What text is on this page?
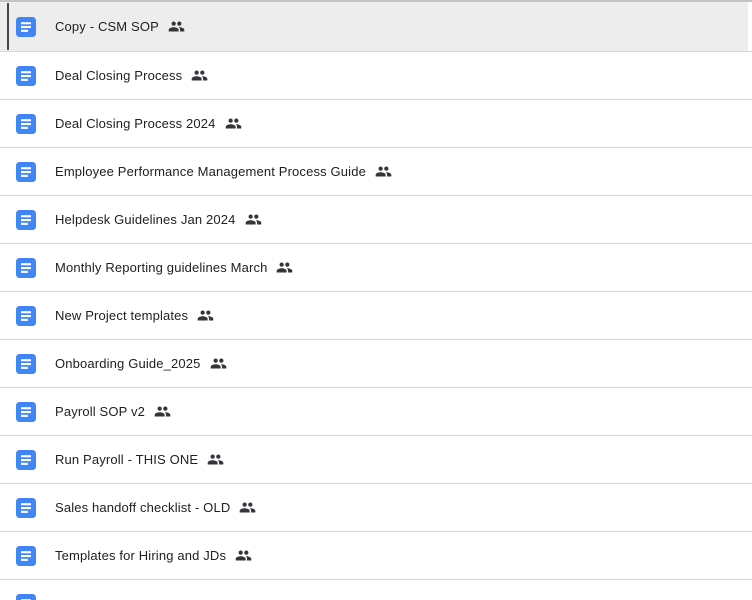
Copy - CSM SOP
Deal Closing Process
Deal Closing Process 2024
Employee Performance Management Process Guide
Helpdesk Guidelines Jan 2024
Monthly Reporting guidelines March
New Project templates
Onboarding Guide_2025
Payroll SOP v2
Run Payroll - THIS ONE
Sales handoff checklist - OLD
Templates for Hiring and JDs
